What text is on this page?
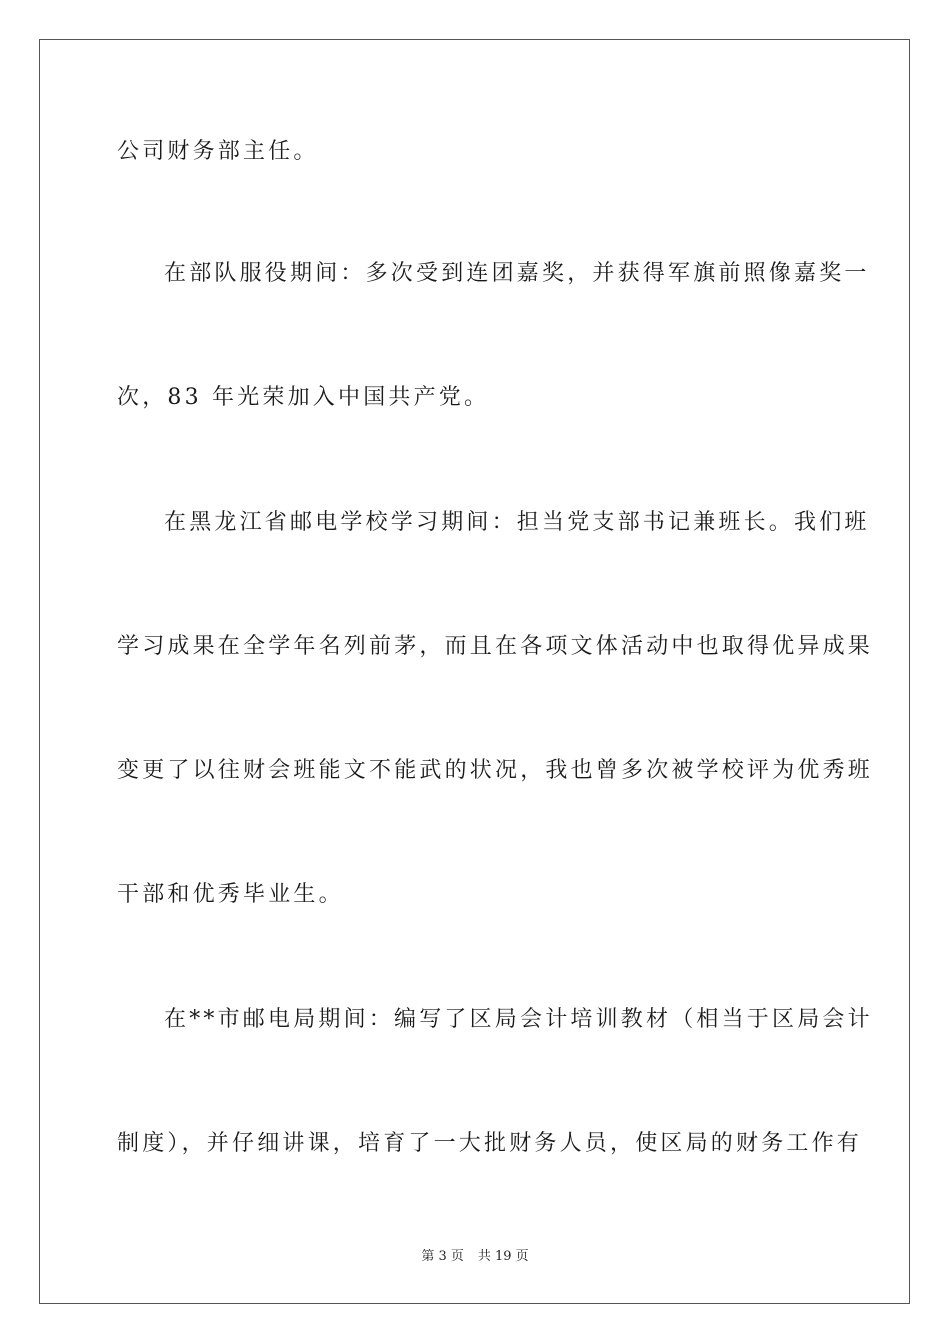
公司财务部主任。
在部队服役期间：多次受到连团嘉奖，并获得军旗前照像嘉奖一
次，83 年光荣加入中国共产党。
在黑龙江省邮电学校学习期间：担当党支部书记兼班长。我们班
学习成果在全学年名列前茅，而且在各项文体活动中也取得优异成果
变更了以往财会班能文不能武的状况，我也曾多次被学校评为优秀班
干部和优秀毕业生。
在**市邮电局期间：编写了区局会计培训教材（相当于区局会计
制度），并仔细讲课，培育了一大批财务人员，使区局的财务工作有
第 3 页 共 19 页
